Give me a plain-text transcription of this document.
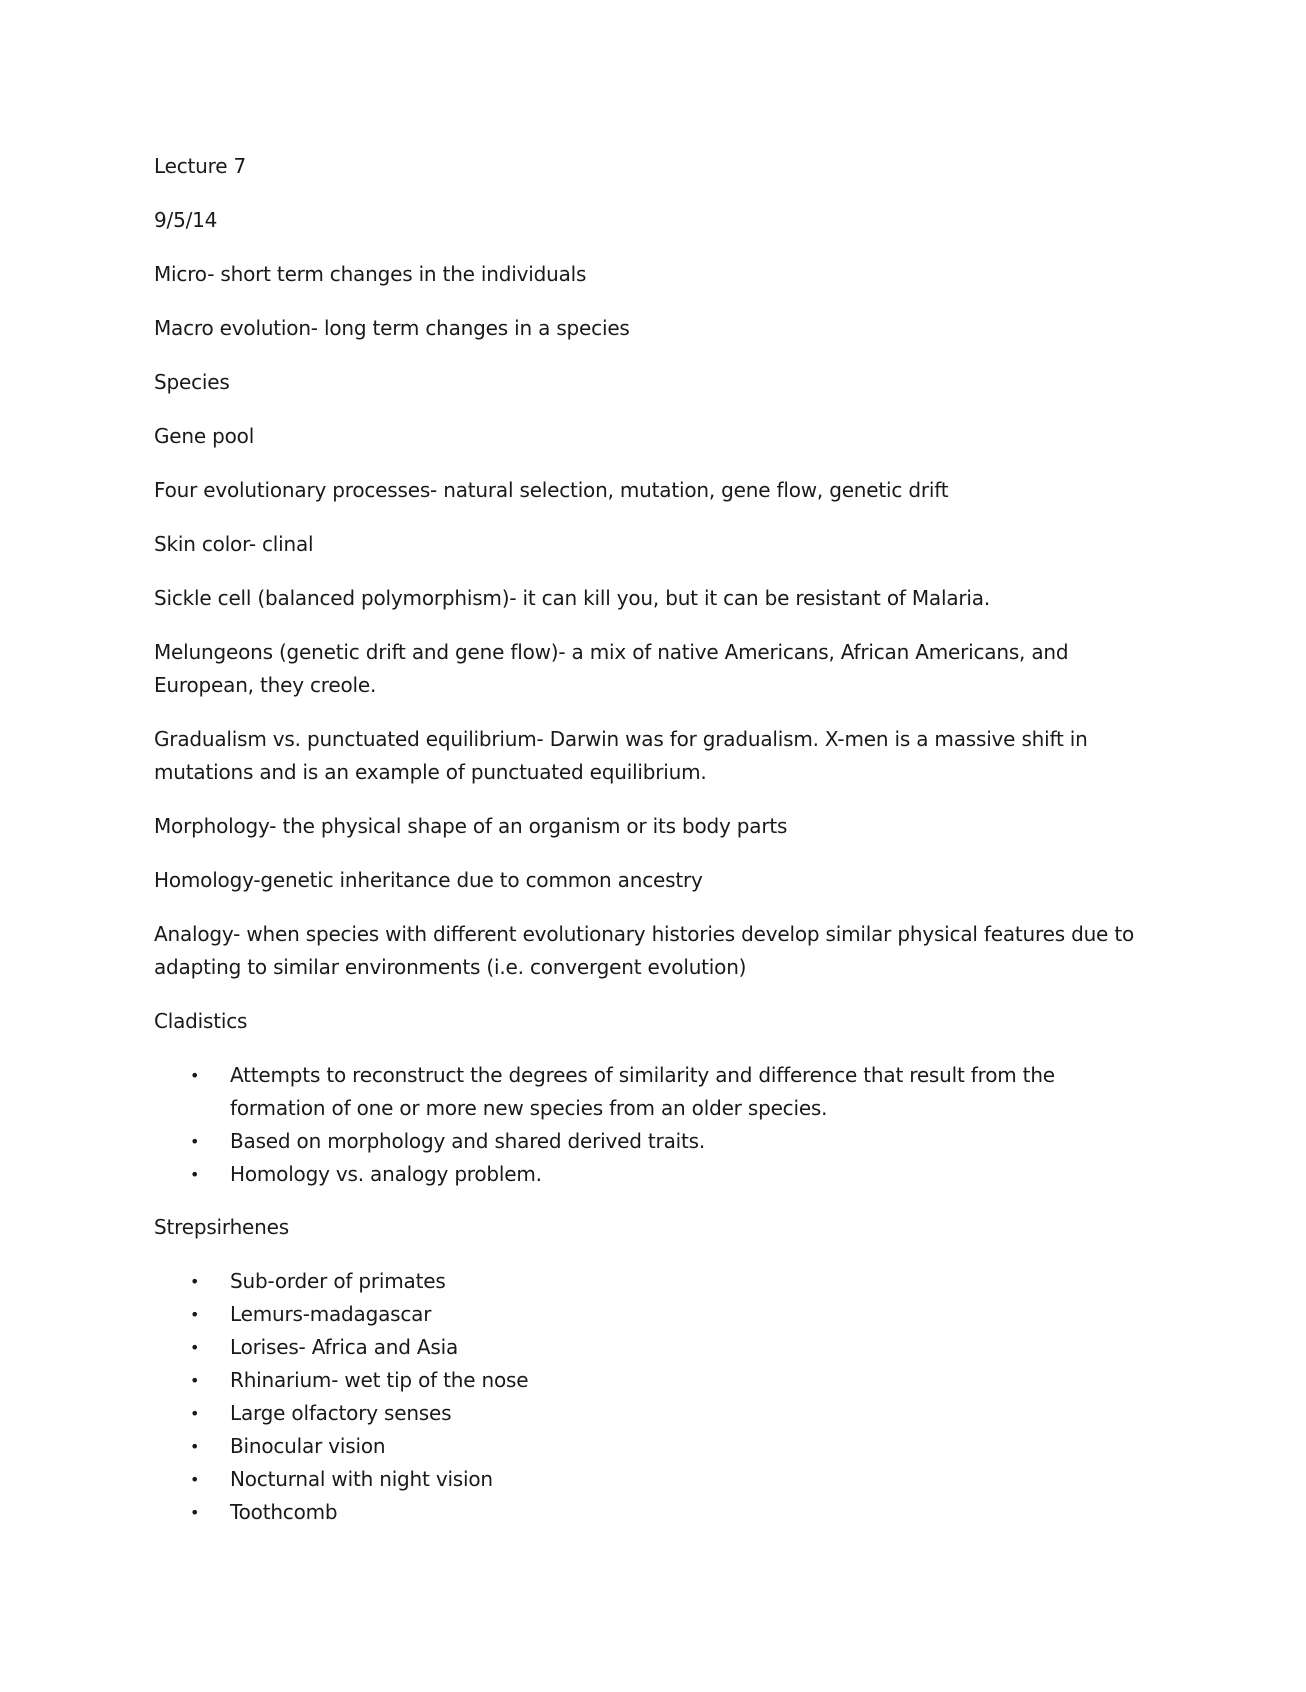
Lecture 7

9/5/14

Micro- short term changes in the individuals

Macro evolution- long term changes in a species

Species

Gene pool

Four evolutionary processes- natural selection, mutation, gene flow, genetic drift

Skin color- clinal

Sickle cell (balanced polymorphism)- it can kill you, but it can be resistant of Malaria.

Melungeons (genetic drift and gene flow)- a mix of native Americans, African Americans, and European, they creole.

Gradualism vs. punctuated equilibrium- Darwin was for gradualism. X-men is a massive shift in mutations and is an example of punctuated equilibrium.

Morphology- the physical shape of an organism or its body parts

Homology-genetic inheritance due to common ancestry

Analogy- when species with different evolutionary histories develop similar physical features due to adapting to similar environments (i.e. convergent evolution)

Cladistics

• Attempts to reconstruct the degrees of similarity and difference that result from the formation of one or more new species from an older species.
• Based on morphology and shared derived traits.
• Homology vs. analogy problem.

Strepsirhenes

• Sub-order of primates
• Lemurs-madagascar
• Lorises- Africa and Asia
• Rhinarium- wet tip of the nose
• Large olfactory senses
• Binocular vision
• Nocturnal with night vision
• Toothcomb
